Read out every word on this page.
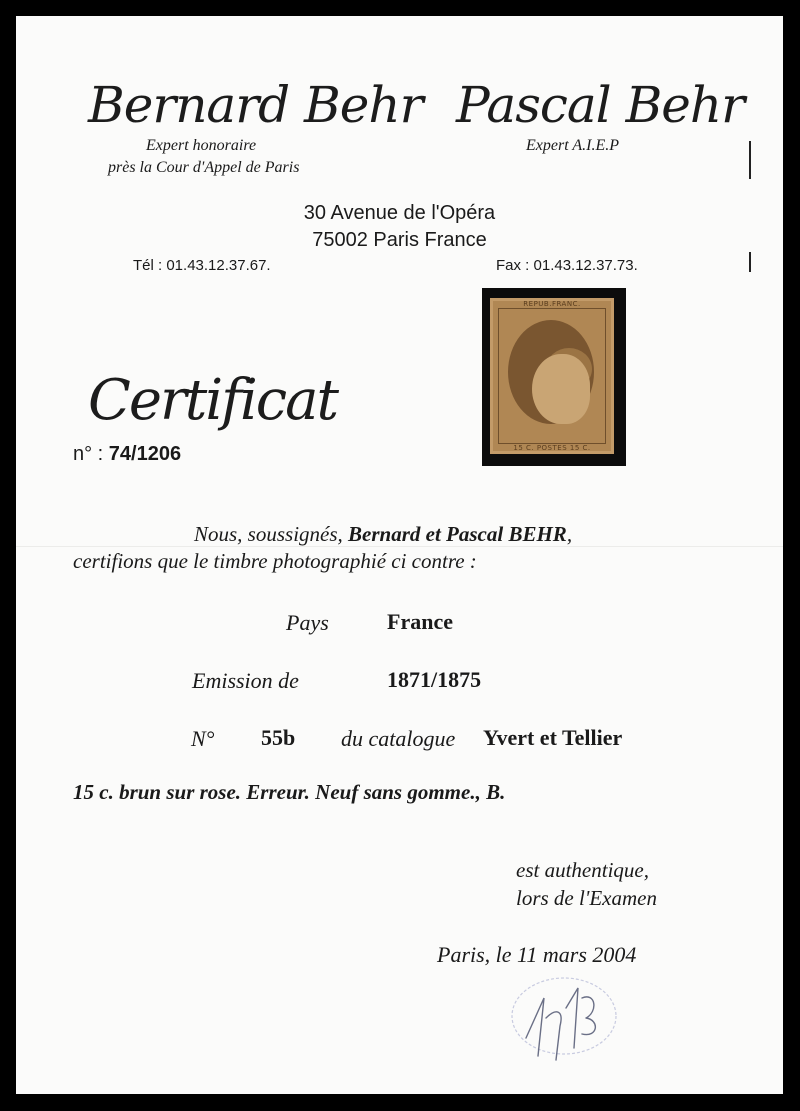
Bernard Behr Pascal Behr
Expert honoraire
près la Cour d'Appel de Paris
Expert A.I.E.P
30 Avenue de l'Opéra
75002 Paris France
Tél : 01.43.12.37.67.	Fax : 01.43.12.37.73.
REPUB.FRANC.
15 C. POSTES 15 C.
Certificat
n° : 74/1206
Nous, soussignés, Bernard et Pascal BEHR,
certifions que le timbre photographié ci contre :
Pays	France
Emission de	1871/1875
N° 55b du catalogue Yvert et Tellier
15 c. brun sur rose. Erreur. Neuf sans gomme., B.
est authentique,
lors de l'Examen
Paris, le 11 mars 2004
